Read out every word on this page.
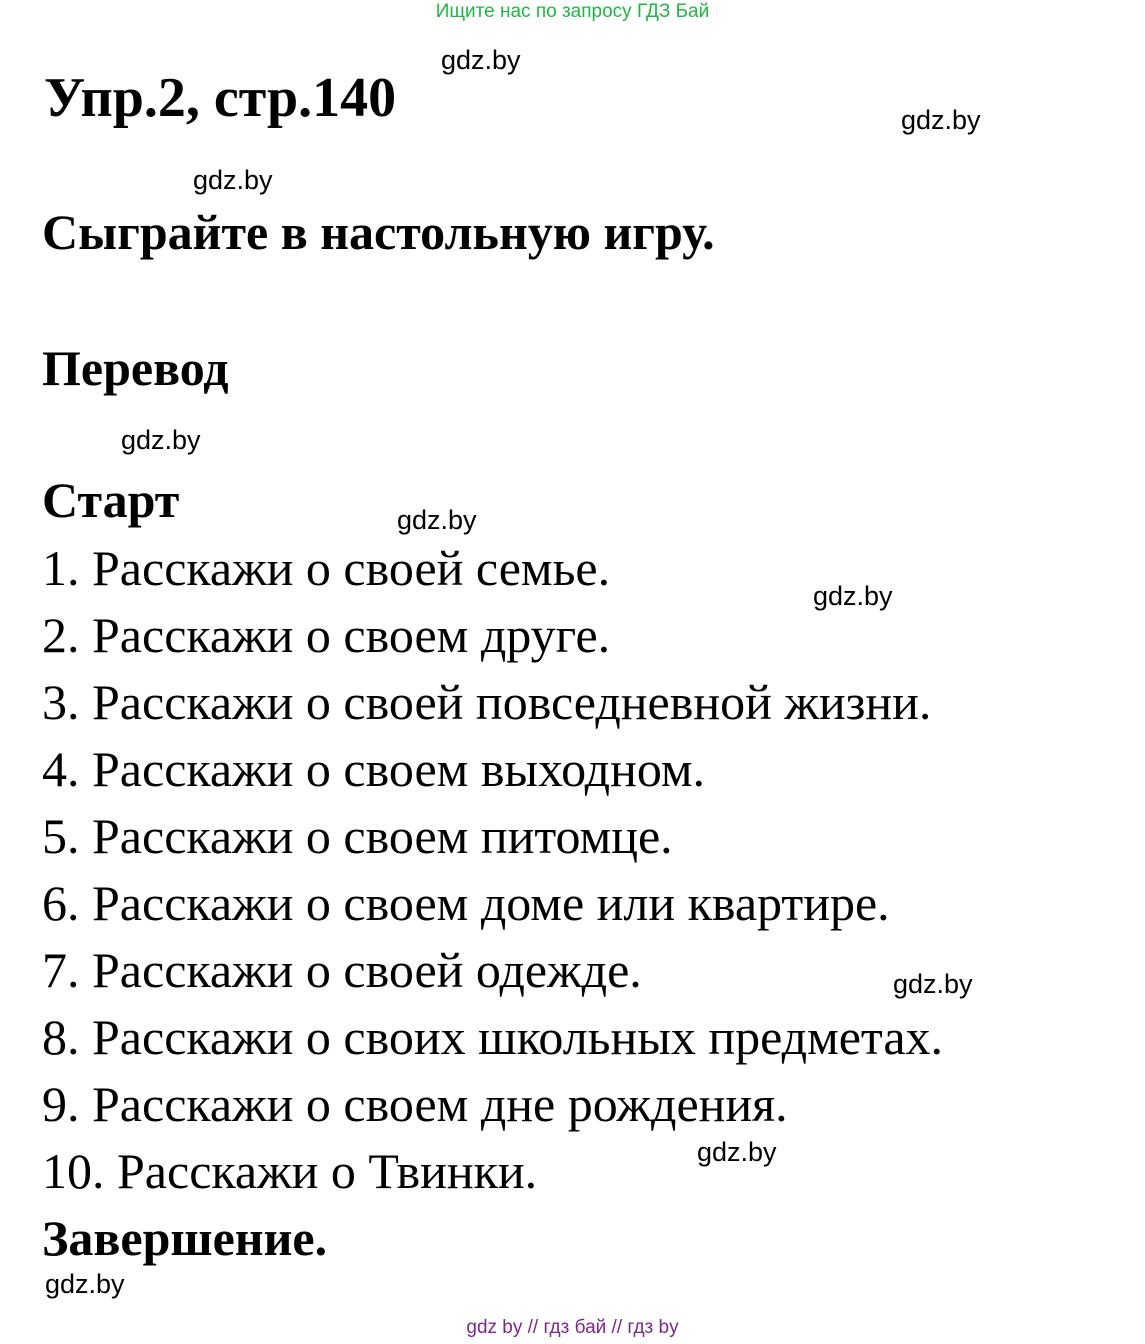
Ищите нас по запросу ГДЗ Бай
Упр.2, стр.140
Сыграйте в настольную игру.
Перевод
Старт
1. Расскажи о своей семье.
2. Расскажи о своем друге.
3. Расскажи о своей повседневной жизни.
4. Расскажи о своем выходном.
5. Расскажи о своем питомце.
6. Расскажи о своем доме или квартире.
7. Расскажи о своей одежде.
8. Расскажи о своих школьных предметах.
9. Расскажи о своем дне рождения.
10. Расскажи о Твинки.
Завершение.
gdz.by
gdz.by
gdz.by
gdz.by
gdz.by
gdz.by
gdz.by
gdz.by
gdz.by
gdz by // гдз бай // гдз by
